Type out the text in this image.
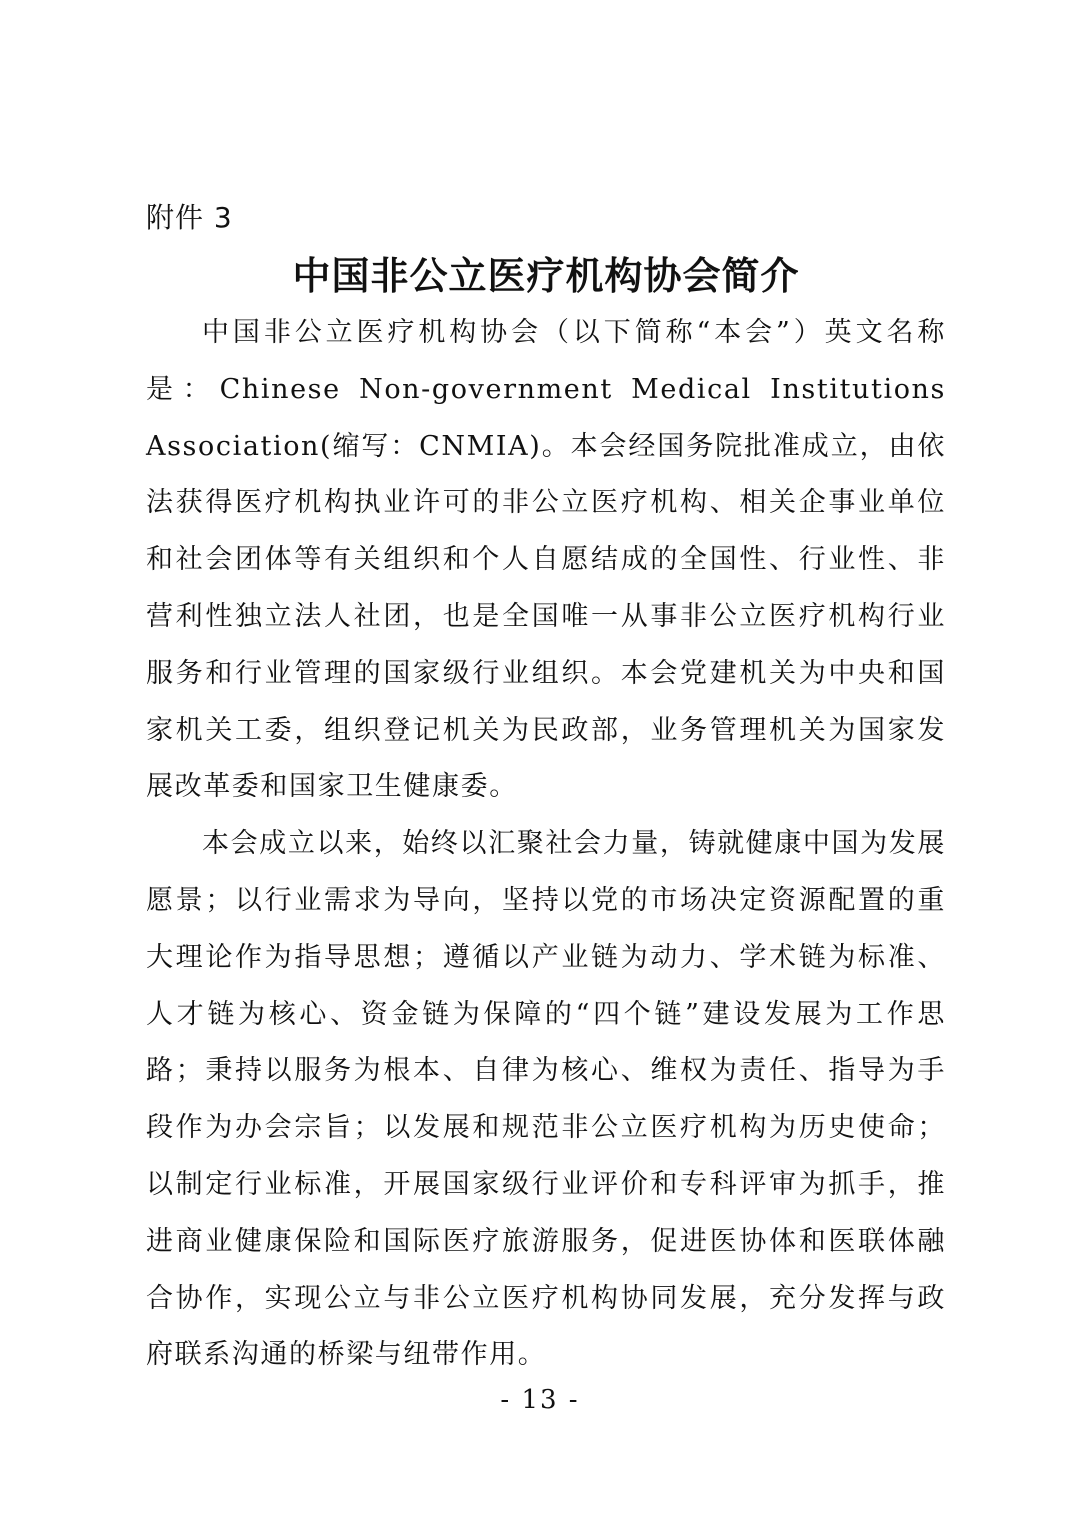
附件 3
中国非公立医疗机构协会简介

中国非公立医疗机构协会（以下简称“本会”）英文名称是：Chinese Non-government Medical Institutions Association(缩写：CNMIA)。本会经国务院批准成立，由依法获得医疗机构执业许可的非公立医疗机构、相关企事业单位和社会团体等有关组织和个人自愿结成的全国性、行业性、非营利性独立法人社团，也是全国唯一从事非公立医疗机构行业服务和行业管理的国家级行业组织。本会党建机关为中央和国家机关工委，组织登记机关为民政部，业务管理机关为国家发展改革委和国家卫生健康委。

本会成立以来，始终以汇聚社会力量，铸就健康中国为发展愿景；以行业需求为导向，坚持以党的市场决定资源配置的重大理论作为指导思想；遵循以产业链为动力、学术链为标准、人才链为核心、资金链为保障的“四个链”建设发展为工作思路；秉持以服务为根本、自律为核心、维权为责任、指导为手段作为办会宗旨；以发展和规范非公立医疗机构为历史使命；以制定行业标准，开展国家级行业评价和专科评审为抓手，推进商业健康保险和国际医疗旅游服务，促进医协体和医联体融合协作，实现公立与非公立医疗机构协同发展，充分发挥与政府联系沟通的桥梁与纽带作用。

- 13 -
